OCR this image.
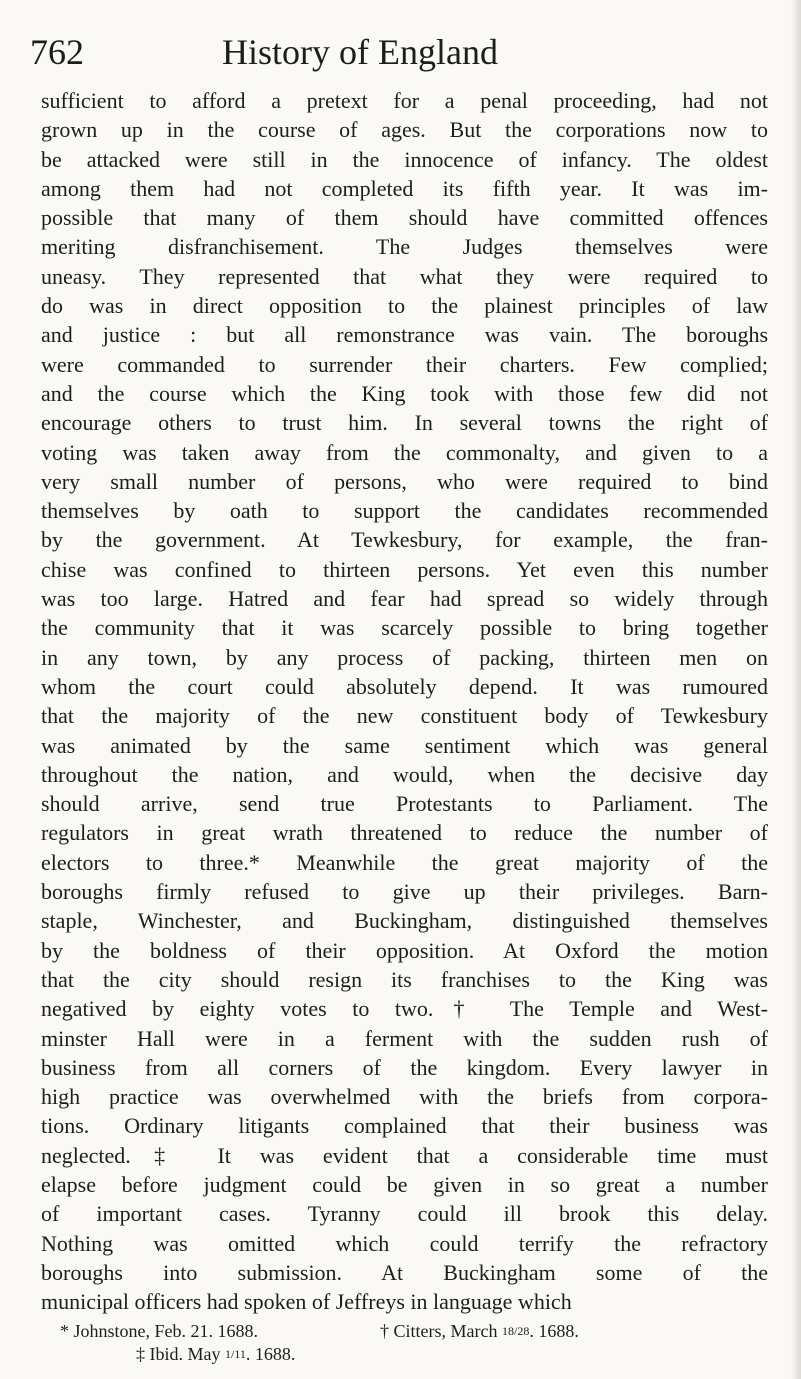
762	History of England
sufficient to afford a pretext for a penal proceeding, had not
grown up in the course of ages. But the corporations now to
be attacked were still in the innocence of infancy. The oldest
among them had not completed its fifth year. It was im-
possible that many of them should have committed offences
meriting disfranchisement. The Judges themselves were
uneasy. They represented that what they were required to
do was in direct opposition to the plainest principles of law
and justice : but all remonstrance was vain. The boroughs
were commanded to surrender their charters. Few complied;
and the course which the King took with those few did not
encourage others to trust him. In several towns the right of
voting was taken away from the commonalty, and given to a
very small number of persons, who were required to bind
themselves by oath to support the candidates recommended
by the government. At Tewkesbury, for example, the fran-
chise was confined to thirteen persons. Yet even this number
was too large. Hatred and fear had spread so widely through
the community that it was scarcely possible to bring together
in any town, by any process of packing, thirteen men on
whom the court could absolutely depend. It was rumoured
that the majority of the new constituent body of Tewkesbury
was animated by the same sentiment which was general
throughout the nation, and would, when the decisive day
should arrive, send true Protestants to Parliament. The
regulators in great wrath threatened to reduce the number of
electors to three.* Meanwhile the great majority of the
boroughs firmly refused to give up their privileges. Barn-
staple, Winchester, and Buckingham, distinguished themselves
by the boldness of their opposition. At Oxford the motion
that the city should resign its franchises to the King was
negatived by eighty votes to two.† The Temple and West-
minster Hall were in a ferment with the sudden rush of
business from all corners of the kingdom. Every lawyer in
high practice was overwhelmed with the briefs from corpora-
tions. Ordinary litigants complained that their business was
neglected.‡ It was evident that a considerable time must
elapse before judgment could be given in so great a number
of important cases. Tyranny could ill brook this delay.
Nothing was omitted which could terrify the refractory
boroughs into submission. At Buckingham some of the
municipal officers had spoken of Jeffreys in language which
* Johnstone, Feb. 21. 1688.	† Citters, March 18/28. 1688.
‡ Ibid. May 1/11. 1688.
